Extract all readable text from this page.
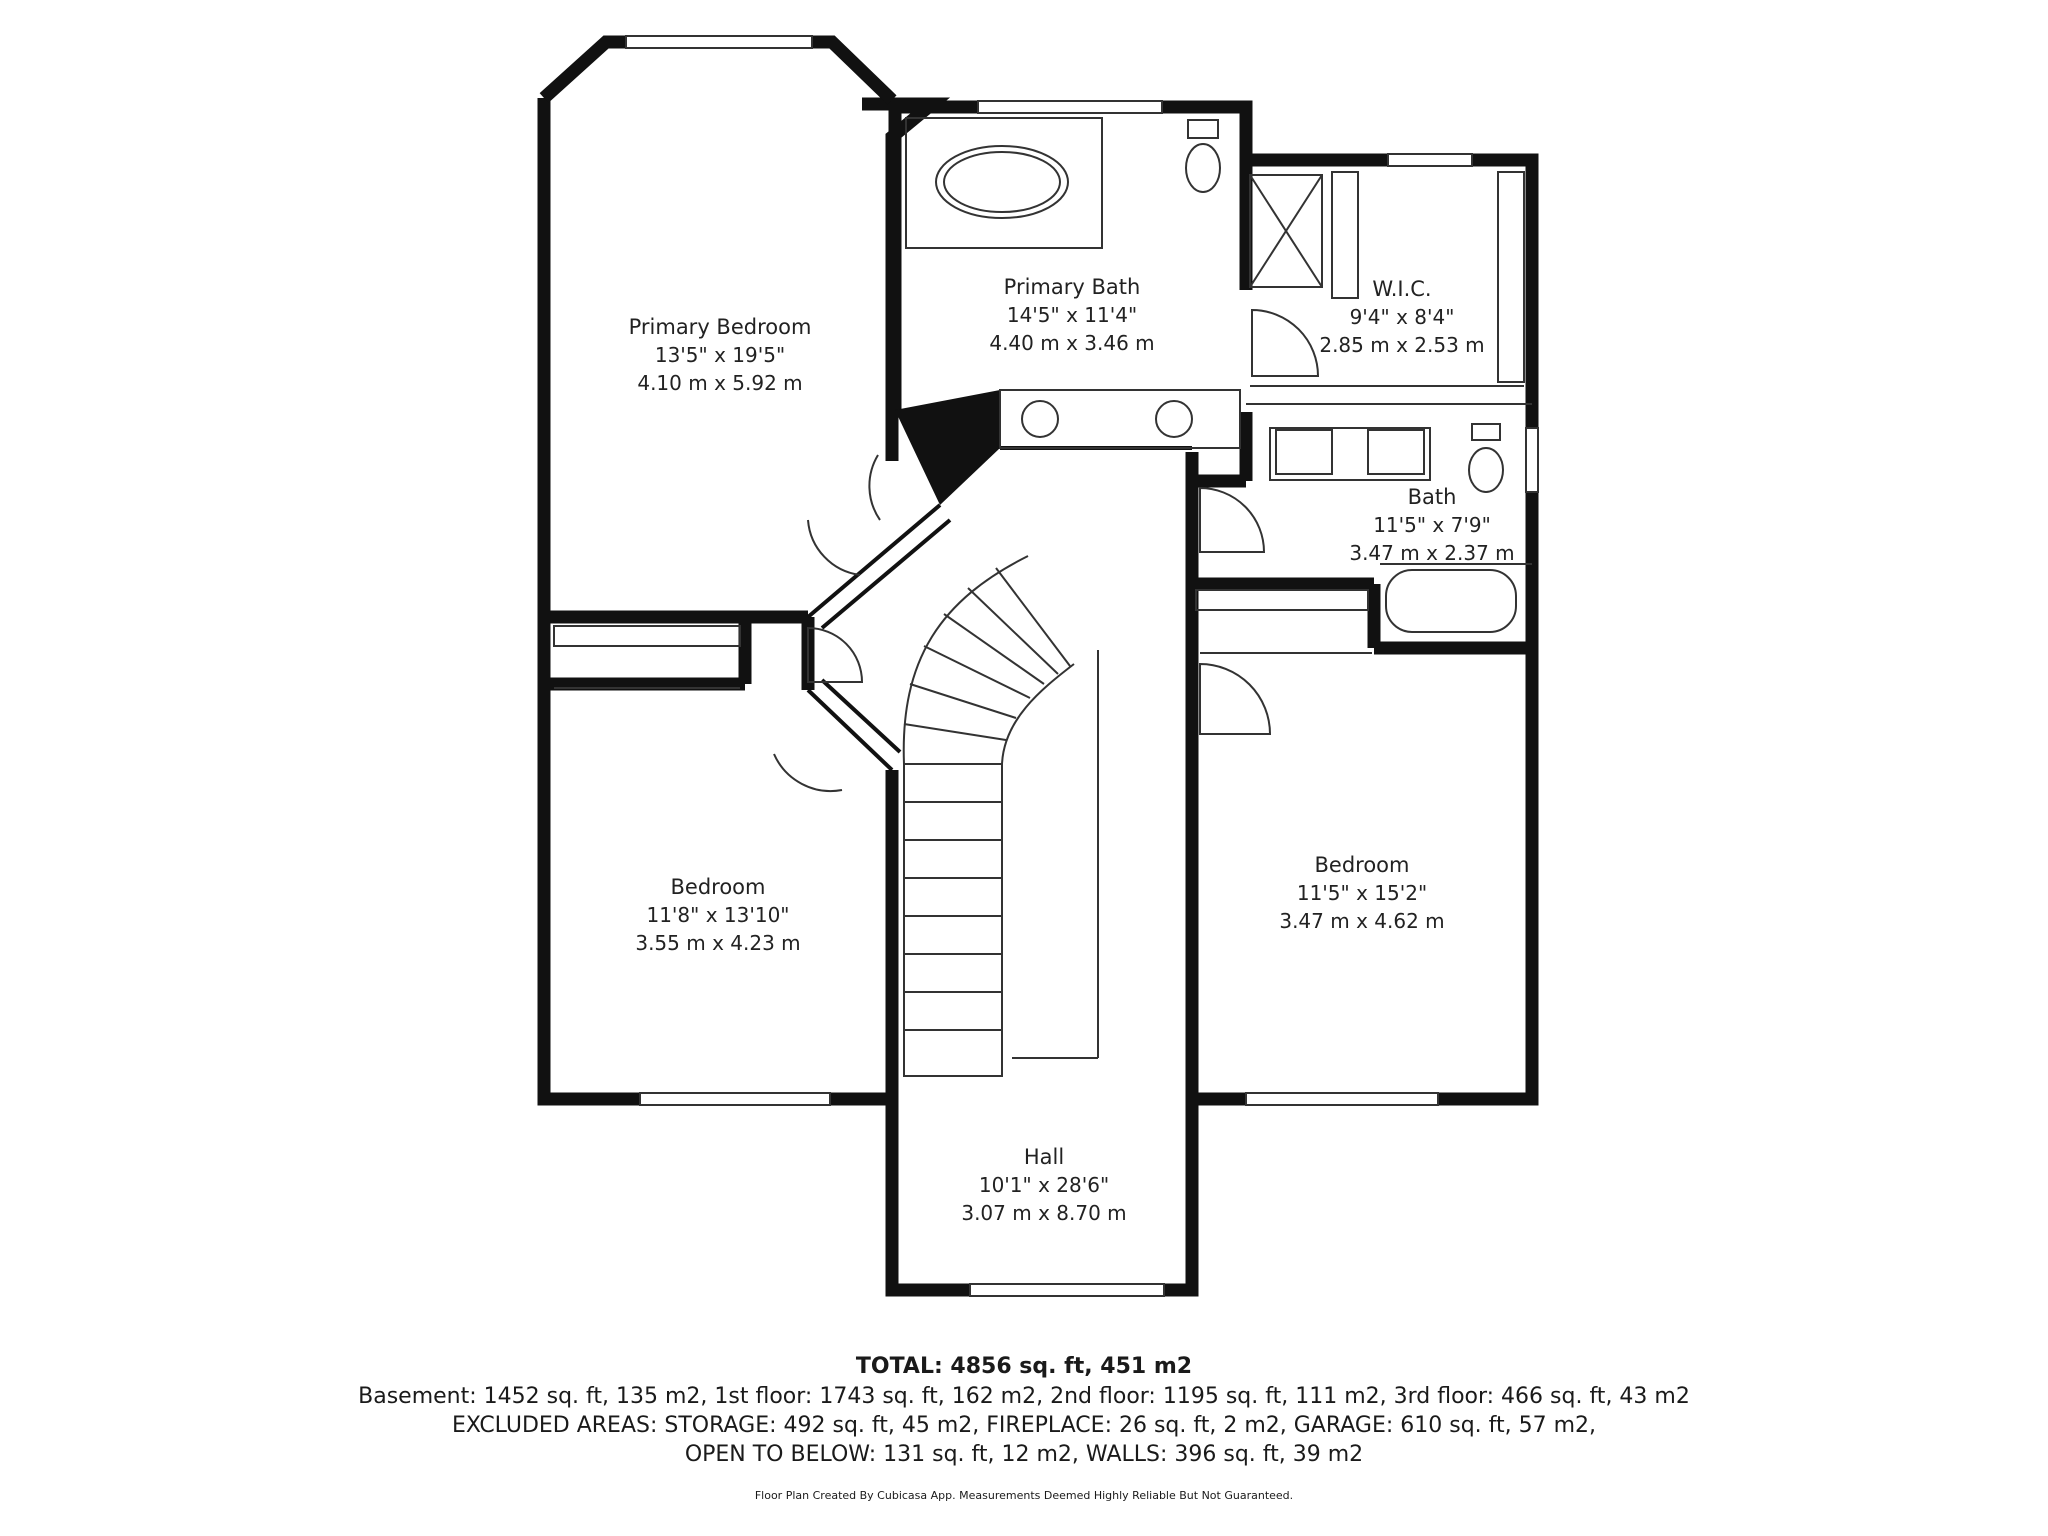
Primary Bedroom
13'5" x 19'5"
4.10 m x 5.92 m
Primary Bath
14'5" x 11'4"
4.40 m x 3.46 m
W.I.C.
9'4" x 8'4"
2.85 m x 2.53 m
Bath
11'5" x 7'9"
3.47 m x 2.37 m
Bedroom
11'8" x 13'10"
3.55 m x 4.23 m
Bedroom
11'5" x 15'2"
3.47 m x 4.62 m
Hall
10'1" x 28'6"
3.07 m x 8.70 m
TOTAL: 4856 sq. ft, 451 m2
Basement: 1452 sq. ft, 135 m2, 1st floor: 1743 sq. ft, 162 m2, 2nd floor: 1195 sq. ft, 111 m2, 3rd floor: 466 sq. ft, 43 m2
EXCLUDED AREAS: STORAGE: 492 sq. ft, 45 m2, FIREPLACE: 26 sq. ft, 2 m2, GARAGE: 610 sq. ft, 57 m2,
OPEN TO BELOW: 131 sq. ft, 12 m2, WALLS: 396 sq. ft, 39 m2
Floor Plan Created By Cubicasa App. Measurements Deemed Highly Reliable But Not Guaranteed.
